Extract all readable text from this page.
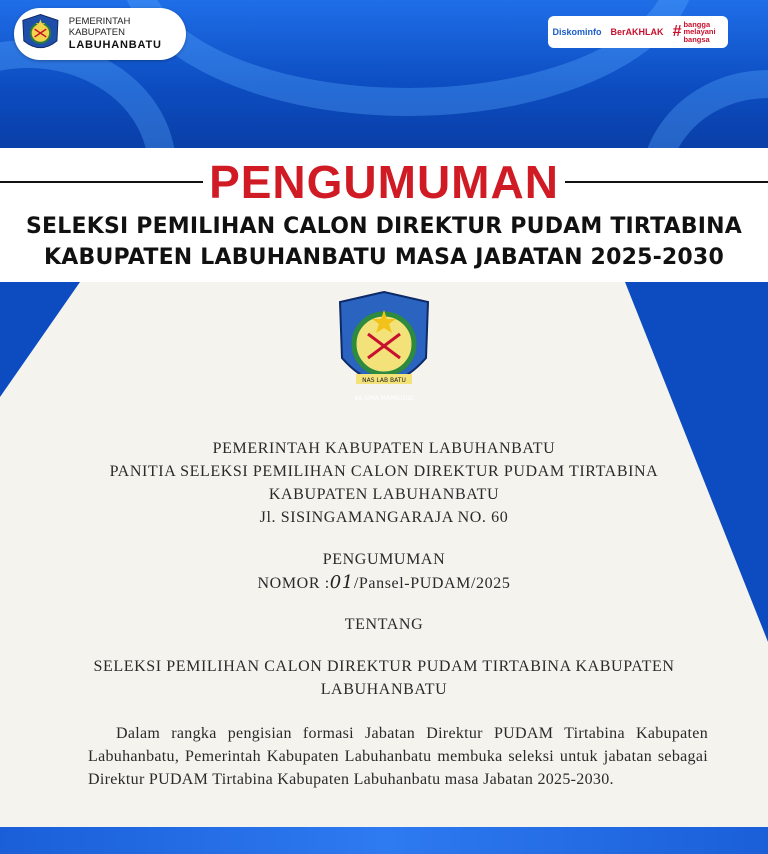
PEMERINTAH KABUPATEN
LABUHANBATU
Diskominfo BerAKHLAK # bangga melayani bangsa
PENGUMUMAN
SELEKSI PEMILIHAN CALON DIREKTUR PUDAM TIRTABINA
KABUPATEN LABUHANBATU MASA JABATAN 2025-2030
NAS LAB BATU
KA SIMA MAPALIDID
PEMERINTAH KABUPATEN LABUHANBATU
PANITIA SELEKSI PEMILIHAN CALON DIREKTUR PUDAM TIRTABINA
KABUPATEN LABUHANBATU
Jl. SISINGAMANGARAJA NO. 60
PENGUMUMAN
NOMOR :01/Pansel-PUDAM/2025
TENTANG
SELEKSI PEMILIHAN CALON DIREKTUR PUDAM TIRTABINA KABUPATEN
LABUHANBATU
Dalam rangka pengisian formasi Jabatan Direktur PUDAM Tirtabina Kabupaten Labuhanbatu, Pemerintah Kabupaten Labuhanbatu membuka seleksi untuk jabatan sebagai Direktur PUDAM Tirtabina Kabupaten Labuhanbatu masa Jabatan 2025-2030.
